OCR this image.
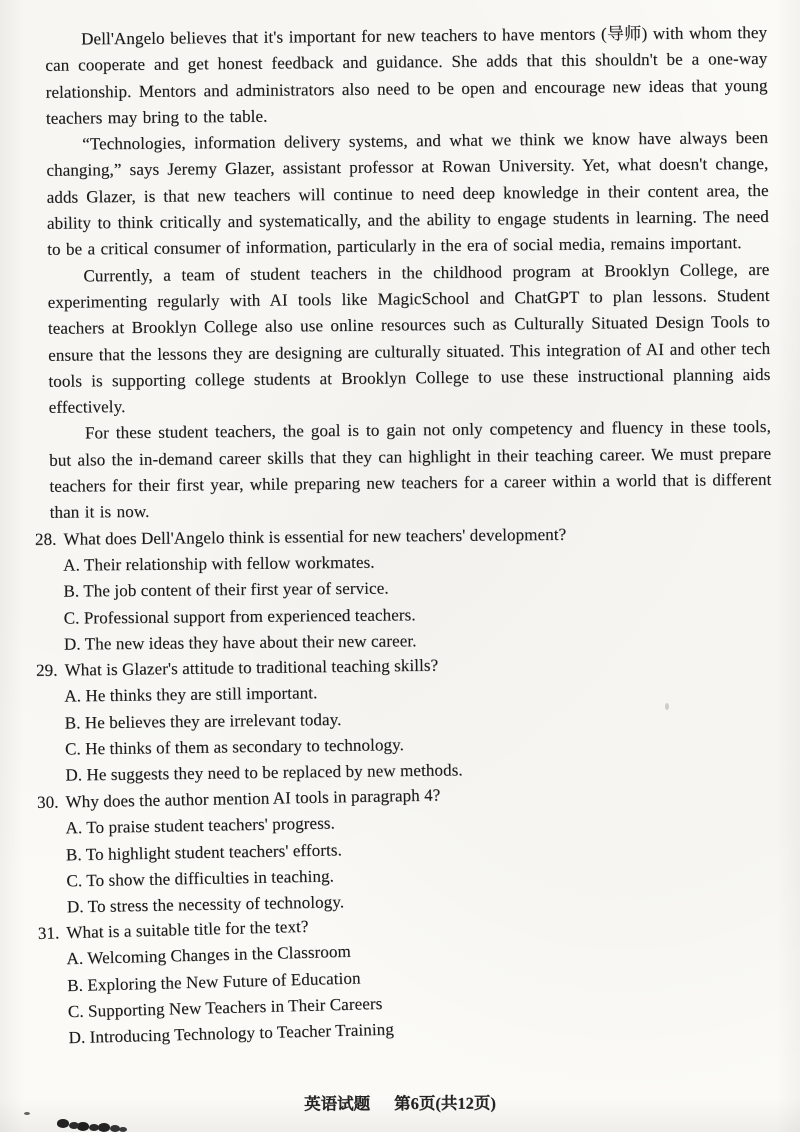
Dell'Angelo believes that it's important for new teachers to have mentors (导师) with whom they can cooperate and get honest feedback and guidance. She adds that this shouldn't be a one-way relationship. Mentors and administrators also need to be open and encourage new ideas that young teachers may bring to the table.

“Technologies, information delivery systems, and what we think we know have always been changing,” says Jeremy Glazer, assistant professor at Rowan University. Yet, what doesn't change, adds Glazer, is that new teachers will continue to need deep knowledge in their content area, the ability to think critically and systematically, and the ability to engage students in learning. The need to be a critical consumer of information, particularly in the era of social media, remains important.

Currently, a team of student teachers in the childhood program at Brooklyn College, are experimenting regularly with AI tools like MagicSchool and ChatGPT to plan lessons. Student teachers at Brooklyn College also use online resources such as Culturally Situated Design Tools to ensure that the lessons they are designing are culturally situated. This integration of AI and other tech tools is supporting college students at Brooklyn College to use these instructional planning aids effectively.

For these student teachers, the goal is to gain not only competency and fluency in these tools, but also the in-demand career skills that they can highlight in their teaching career. We must prepare teachers for their first year, while preparing new teachers for a career within a world that is different than it is now.

28. What does Dell'Angelo think is essential for new teachers' development?
A. Their relationship with fellow workmates.
B. The job content of their first year of service.
C. Professional support from experienced teachers.
D. The new ideas they have about their new career.
29. What is Glazer's attitude to traditional teaching skills?
A. He thinks they are still important.
B. He believes they are irrelevant today.
C. He thinks of them as secondary to technology.
D. He suggests they need to be replaced by new methods.
30. Why does the author mention AI tools in paragraph 4?
A. To praise student teachers' progress.
B. To highlight student teachers' efforts.
C. To show the difficulties in teaching.
D. To stress the necessity of technology.
31. What is a suitable title for the text?
A. Welcoming Changes in the Classroom
B. Exploring the New Future of Education
C. Supporting New Teachers in Their Careers
D. Introducing Technology to Teacher Training
英语试题 第6页(共12页)
